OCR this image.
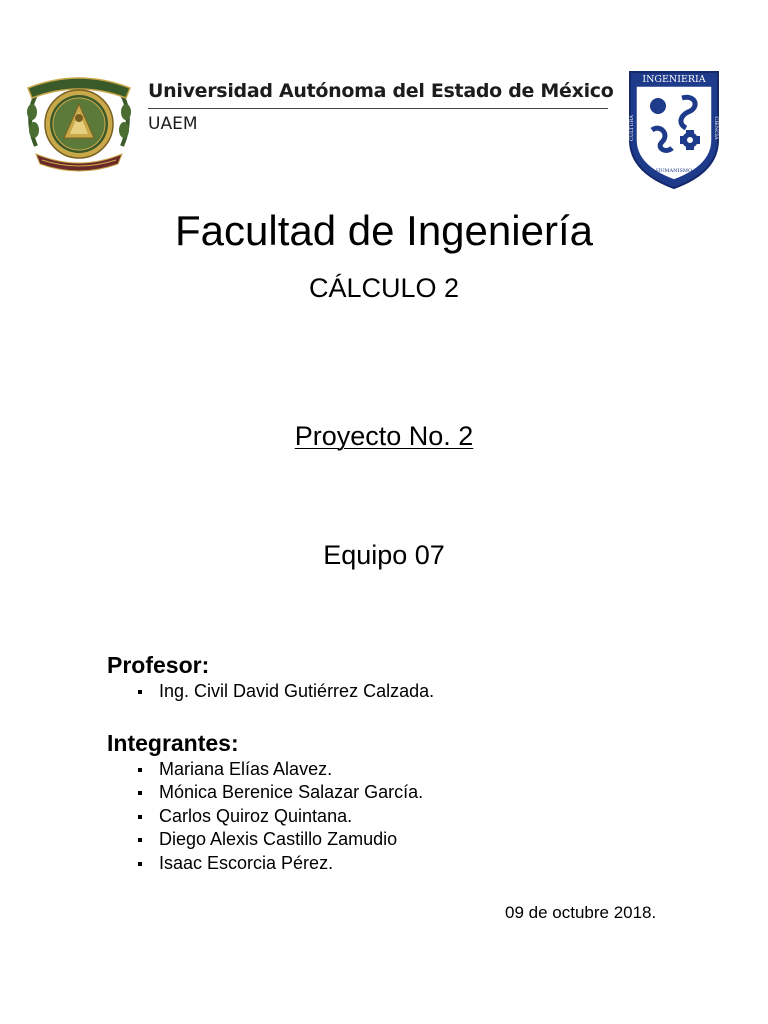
Universidad Autónoma del Estado de México
UAEM
INGENIERIA
CULTURA	CIENCIA
HUMANISMO
Facultad de Ingeniería
CÁLCULO 2
Proyecto No. 2
Equipo 07
Profesor:
Ing. Civil David Gutiérrez Calzada.
Integrantes:
Mariana Elías Alavez.
Mónica Berenice Salazar García.
Carlos Quiroz Quintana.
Diego Alexis Castillo Zamudio
Isaac Escorcia Pérez.
09 de octubre 2018.
